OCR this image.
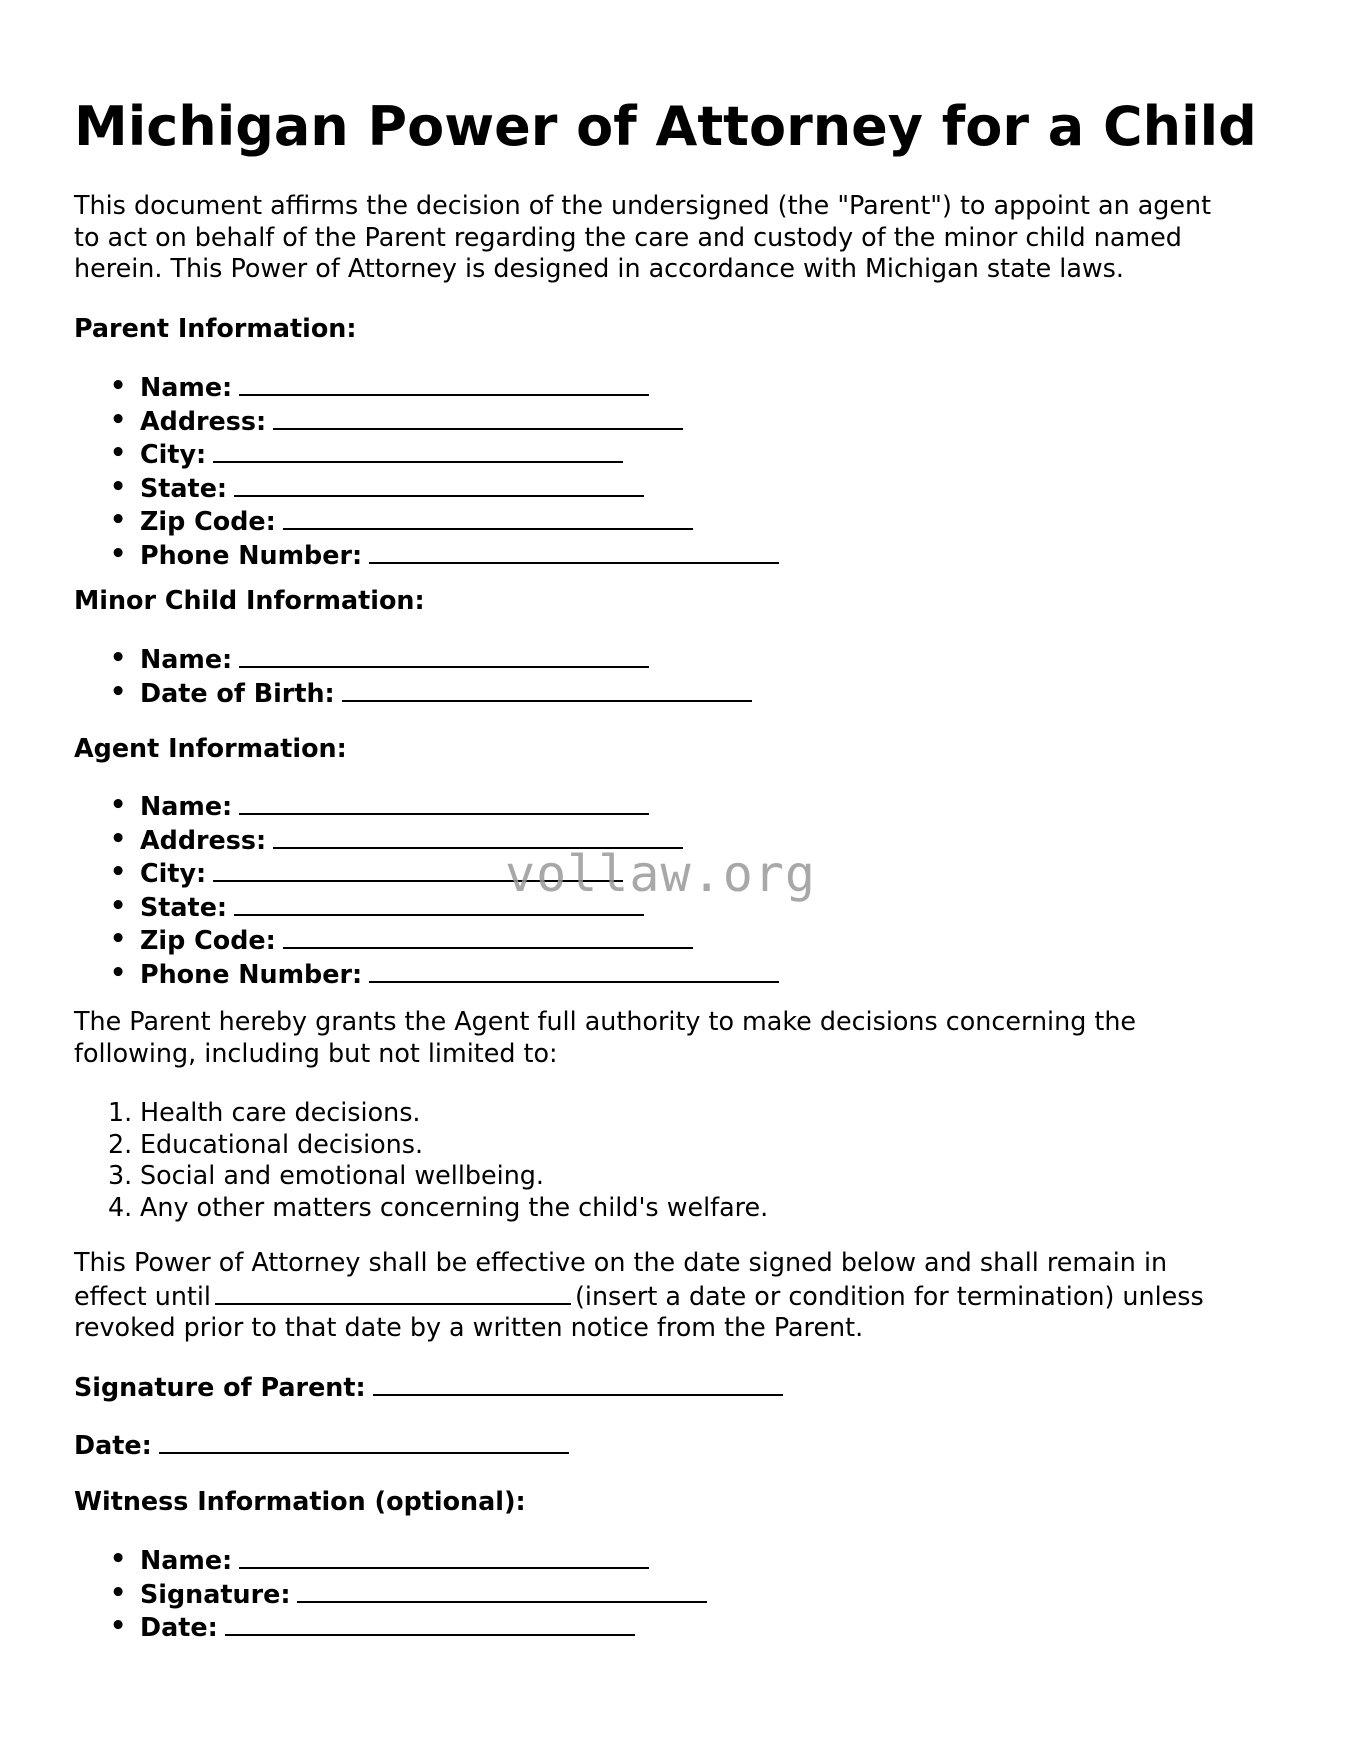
Michigan Power of Attorney for a Child
This document affirms the decision of the undersigned (the "Parent") to appoint an agent
to act on behalf of the Parent regarding the care and custody of the minor child named
herein. This Power of Attorney is designed in accordance with Michigan state laws.
Parent Information:
• Name:
• Address:
• City:
• State:
• Zip Code:
• Phone Number:
Minor Child Information:
• Name:
• Date of Birth:
Agent Information:
• Name:
• Address:
• City:
• State:
• Zip Code:
• Phone Number:
The Parent hereby grants the Agent full authority to make decisions concerning the
following, including but not limited to:
1. Health care decisions.
2. Educational decisions.
3. Social and emotional wellbeing.
4. Any other matters concerning the child's welfare.
This Power of Attorney shall be effective on the date signed below and shall remain in
effect until	(insert a date or condition for termination) unless
revoked prior to that date by a written notice from the Parent.
Signature of Parent:
Date:
Witness Information (optional):
• Name:
• Signature:
• Date:
vollaw.org
